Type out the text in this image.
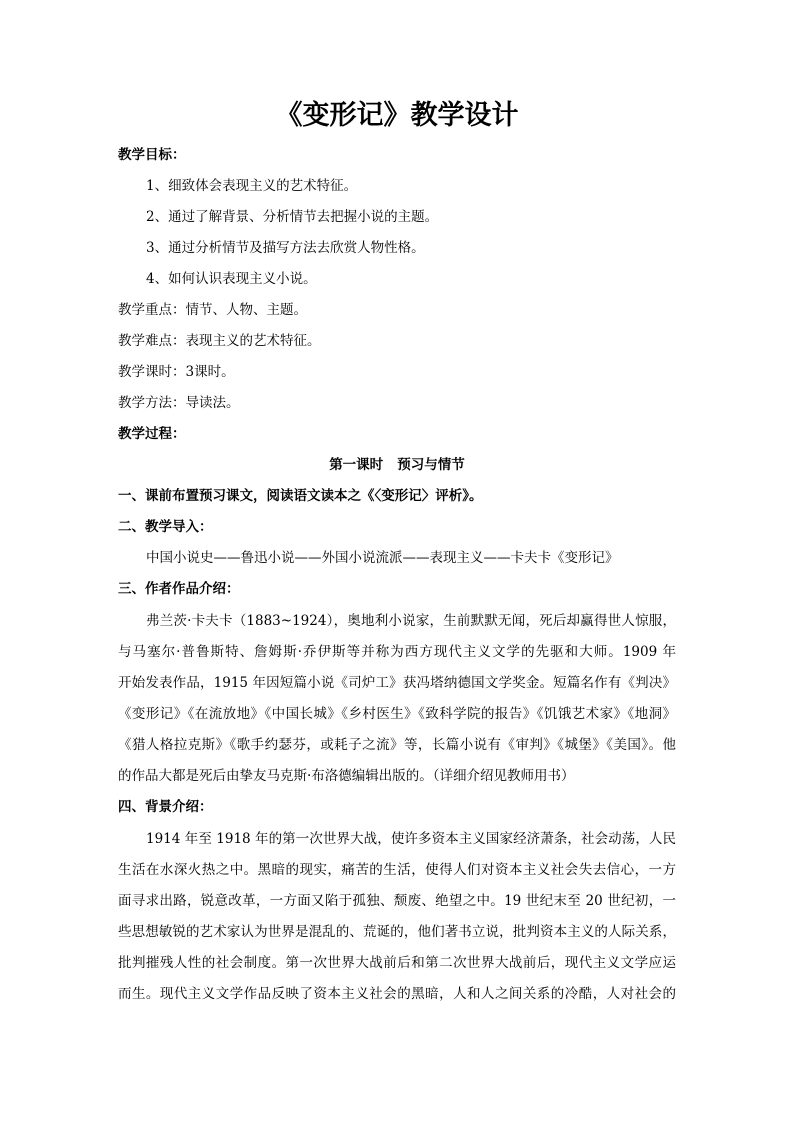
《变形记》教学设计
教学目标：
1、细致体会表现主义的艺术特征。
2、通过了解背景、分析情节去把握小说的主题。
3、通过分析情节及描写方法去欣赏人物性格。
4、如何认识表现主义小说。
教学重点：情节、人物、主题。
教学难点：表现主义的艺术特征。
教学课时：3课时。
教学方法：导读法。
教学过程：
第一课时   预习与情节
一、课前布置预习课文，阅读语文读本之《〈变形记〉评析》。
二、教学导入：
中国小说史——鲁迅小说——外国小说流派——表现主义——卡夫卡《变形记》
三、作者作品介绍：
弗兰茨·卡夫卡（1883~1924），奥地利小说家，生前默默无闻，死后却赢得世人惊服，
与马塞尔·普鲁斯特、詹姆斯·乔伊斯等并称为西方现代主义文学的先驱和大师。1909 年
开始发表作品，1915 年因短篇小说《司炉工》获冯塔纳德国文学奖金。短篇名作有《判决》
《变形记》《在流放地》《中国长城》《乡村医生》《致科学院的报告》《饥饿艺术家》《地洞》
《猎人格拉克斯》《歌手约瑟芬，或耗子之流》等，长篇小说有《审判》《城堡》《美国》。他
的作品大都是死后由挚友马克斯·布洛德编辑出版的。（详细介绍见教师用书）
四、背景介绍：
1914 年至 1918 年的第一次世界大战，使许多资本主义国家经济萧条，社会动荡，人民
生活在水深火热之中。黑暗的现实，痛苦的生活，使得人们对资本主义社会失去信心，一方
面寻求出路，锐意改革，一方面又陷于孤独、颓废、绝望之中。19 世纪末至 20 世纪初，一
些思想敏锐的艺术家认为世界是混乱的、荒诞的，他们著书立说，批判资本主义的人际关系，
批判摧残人性的社会制度。第一次世界大战前后和第二次世界大战前后，现代主义文学应运
而生。现代主义文学作品反映了资本主义社会的黑暗，人和人之间关系的冷酷，人对社会的
